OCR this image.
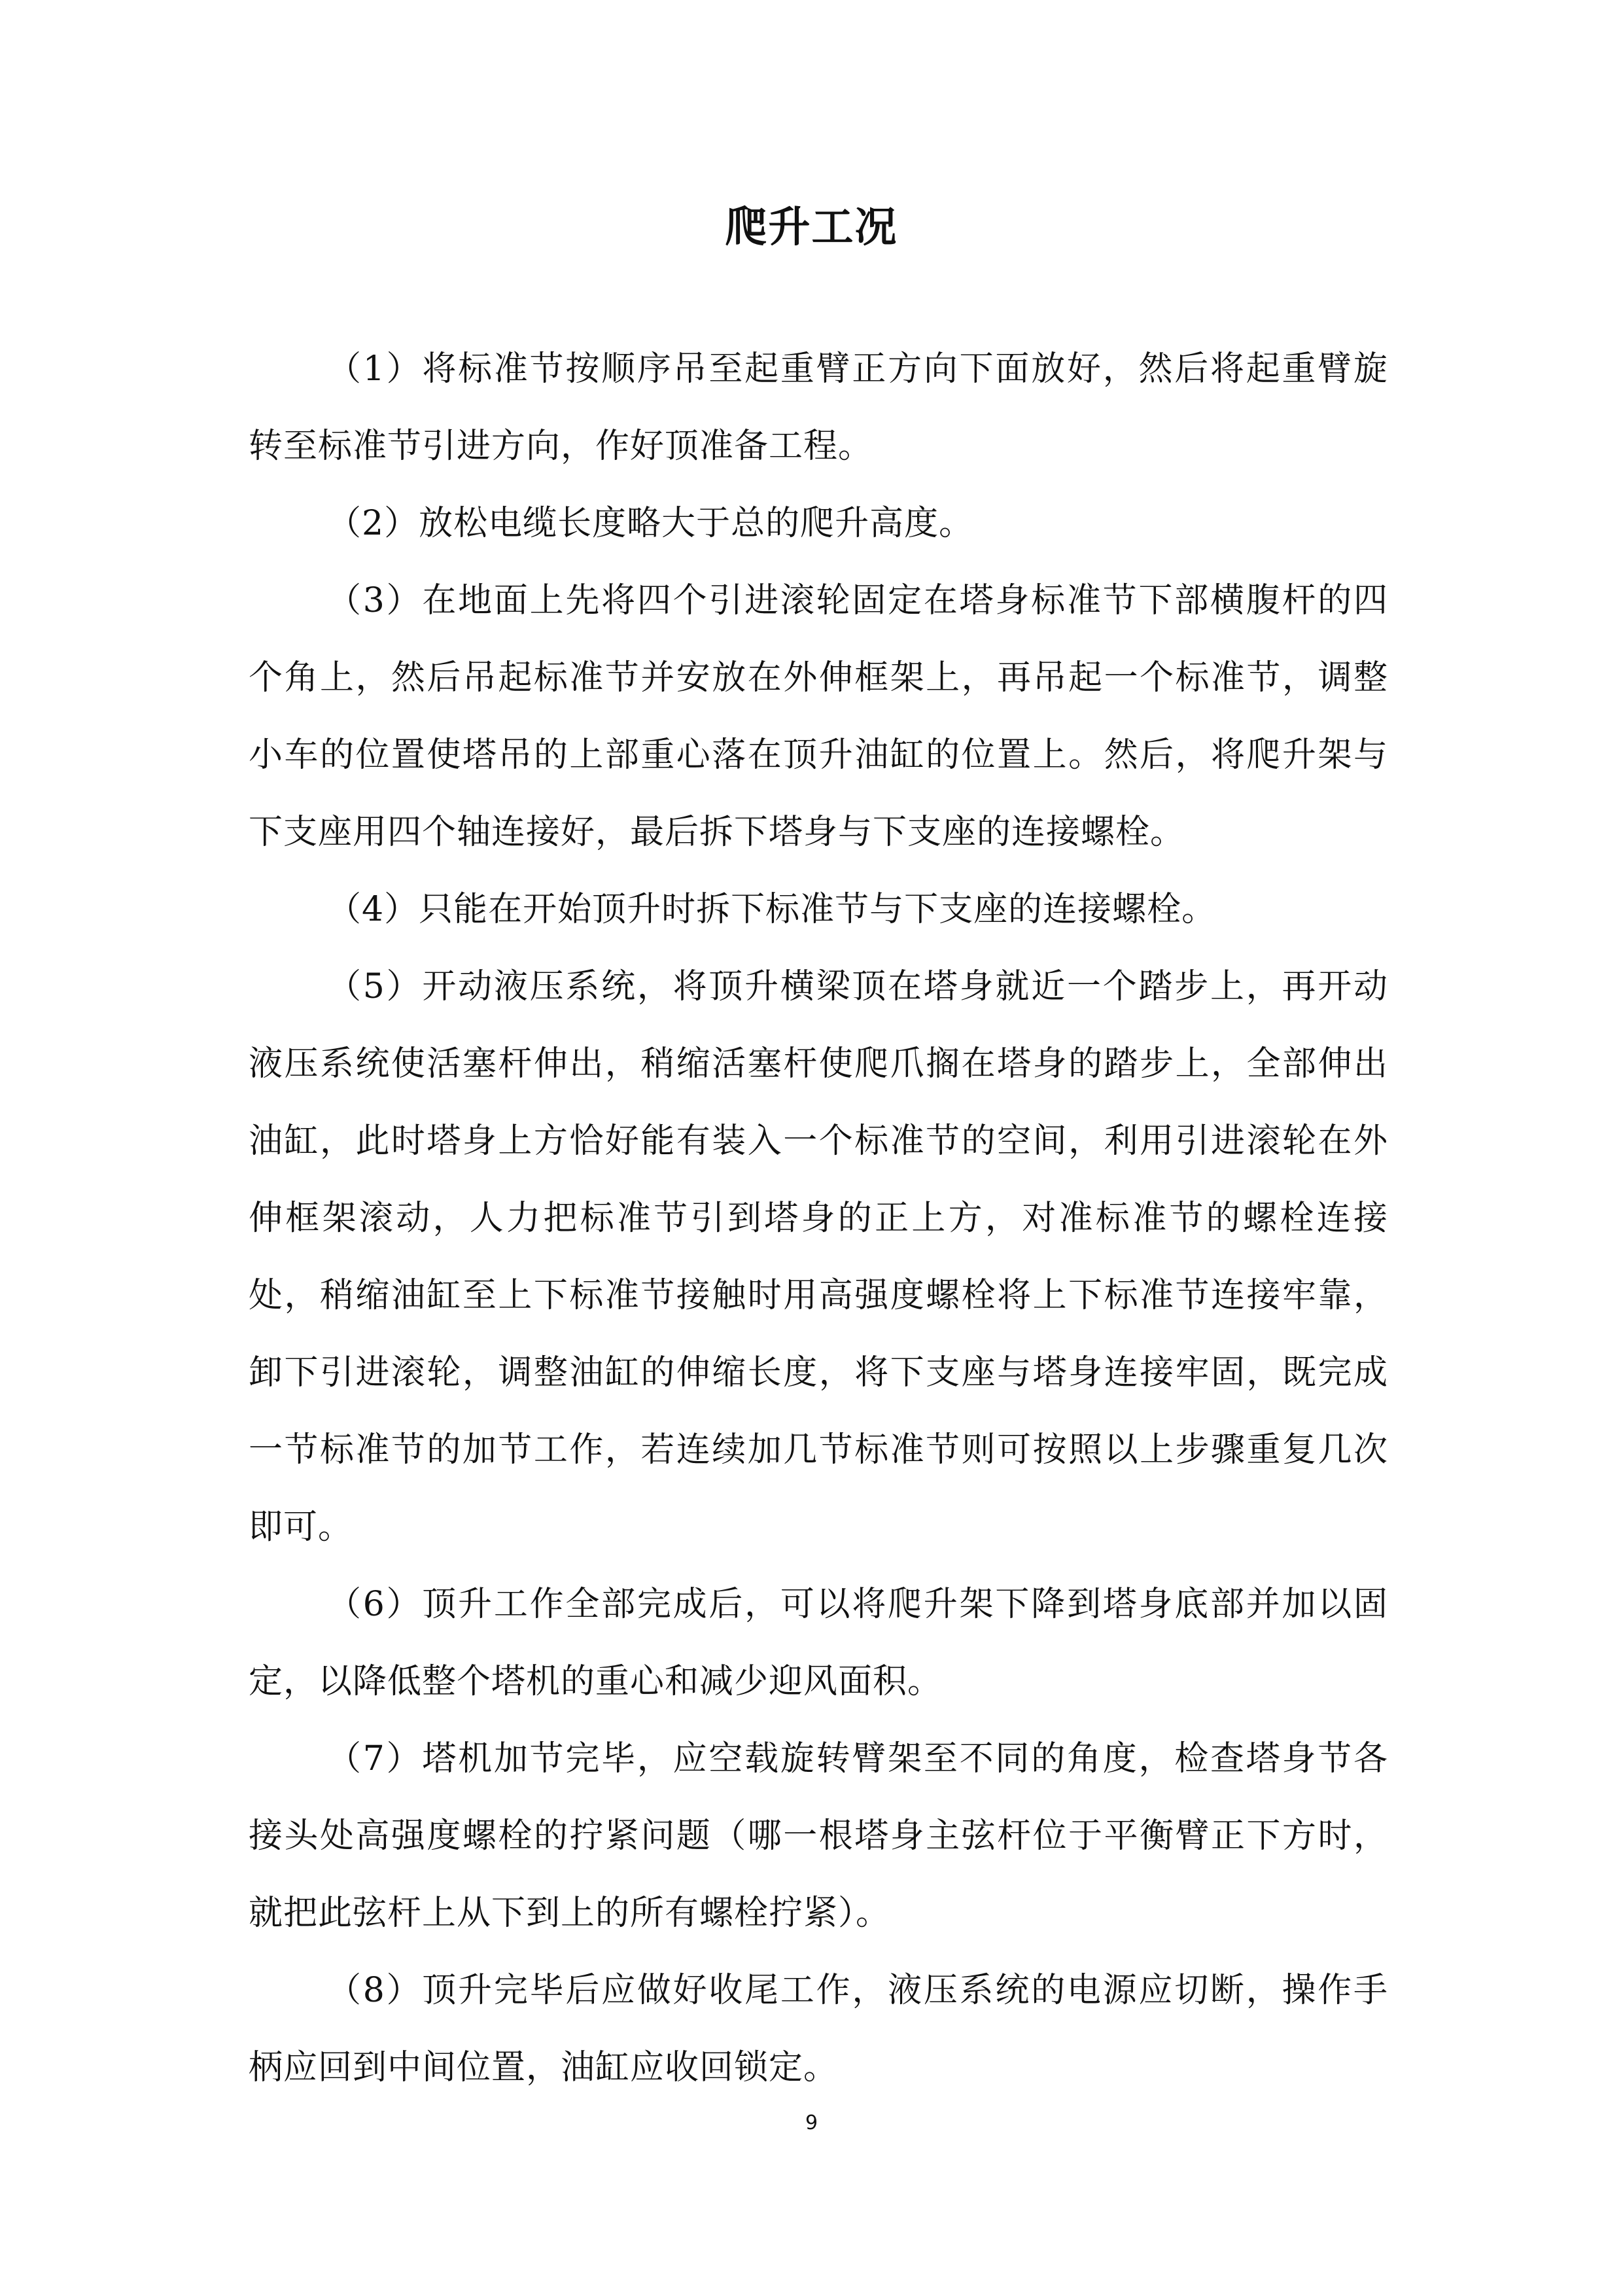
爬升工况

（1）将标准节按顺序吊至起重臂正方向下面放好，然后将起重臂旋转至标准节引进方向，作好顶准备工程。

（2）放松电缆长度略大于总的爬升高度。

（3）在地面上先将四个引进滚轮固定在塔身标准节下部横腹杆的四个角上，然后吊起标准节并安放在外伸框架上，再吊起一个标准节，调整小车的位置使塔吊的上部重心落在顶升油缸的位置上。然后，将爬升架与下支座用四个轴连接好，最后拆下塔身与下支座的连接螺栓。

（4）只能在开始顶升时拆下标准节与下支座的连接螺栓。

（5）开动液压系统，将顶升横梁顶在塔身就近一个踏步上，再开动液压系统使活塞杆伸出，稍缩活塞杆使爬爪搁在塔身的踏步上，全部伸出油缸，此时塔身上方恰好能有装入一个标准节的空间，利用引进滚轮在外伸框架滚动，人力把标准节引到塔身的正上方，对准标准节的螺栓连接处，稍缩油缸至上下标准节接触时用高强度螺栓将上下标准节连接牢靠，卸下引进滚轮，调整油缸的伸缩长度，将下支座与塔身连接牢固，既完成一节标准节的加节工作，若连续加几节标准节则可按照以上步骤重复几次即可。

（6）顶升工作全部完成后，可以将爬升架下降到塔身底部并加以固定，以降低整个塔机的重心和减少迎风面积。

（7）塔机加节完毕，应空载旋转臂架至不同的角度，检查塔身节各接头处高强度螺栓的拧紧问题（哪一根塔身主弦杆位于平衡臂正下方时，就把此弦杆上从下到上的所有螺栓拧紧）。

（8）顶升完毕后应做好收尾工作，液压系统的电源应切断，操作手柄应回到中间位置，油缸应收回锁定。

9
